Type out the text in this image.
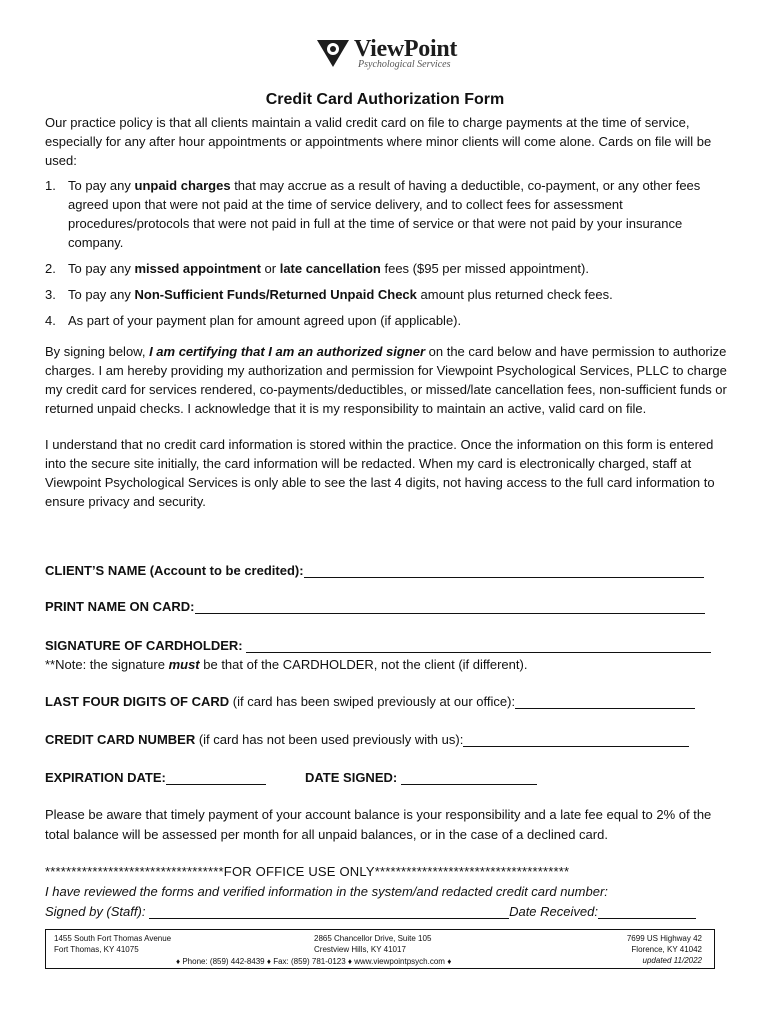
ViewPoint
Psychological Services
Credit Card Authorization Form

Our practice policy is that all clients maintain a valid credit card on file to charge payments at the time of service, especially for any after hour appointments or appointments where minor clients will come alone. Cards on file will be used:

1. To pay any unpaid charges that may accrue as a result of having a deductible, co-payment, or any other fees agreed upon that were not paid at the time of service delivery, and to collect fees for assessment procedures/protocols that were not paid in full at the time of service or that were not paid by your insurance company.
2. To pay any missed appointment or late cancellation fees ($95 per missed appointment).
3. To pay any Non-Sufficient Funds/Returned Unpaid Check amount plus returned check fees.
4. As part of your payment plan for amount agreed upon (if applicable).

By signing below, I am certifying that I am an authorized signer on the card below and have permission to authorize charges. I am hereby providing my authorization and permission for Viewpoint Psychological Services, PLLC to charge my credit card for services rendered, co-payments/deductibles, or missed/late cancellation fees, non-sufficient funds or returned unpaid checks. I acknowledge that it is my responsibility to maintain an active, valid card on file.

I understand that no credit card information is stored within the practice. Once the information on this form is entered into the secure site initially, the card information will be redacted. When my card is electronically charged, staff at Viewpoint Psychological Services is only able to see the last 4 digits, not having access to the full card information to ensure privacy and security.

CLIENT’S NAME (Account to be credited):
PRINT NAME ON CARD:
SIGNATURE OF CARDHOLDER:
**Note: the signature must be that of the CARDHOLDER, not the client (if different).
LAST FOUR DIGITS OF CARD (if card has been swiped previously at our office):
CREDIT CARD NUMBER (if card has not been used previously with us):
EXPIRATION DATE:	DATE SIGNED:
Please be aware that timely payment of your account balance is your responsibility and a late fee equal to 2% of the total balance will be assessed per month for all unpaid balances, or in the case of a declined card.
**********************************FOR OFFICE USE ONLY*************************************
I have reviewed the forms and verified information in the system/and redacted credit card number:
Signed by (Staff):	Date Received:
1455 South Fort Thomas Avenue
Fort Thomas, KY 41075
2865 Chancellor Drive, Suite 105
Crestview Hills, KY 41017
7699 US Highway 42
Florence, KY 41042
updated 11/2022
♦ Phone: (859) 442-8439 ♦ Fax: (859) 781-0123 ♦ www.viewpointpsych.com ♦
